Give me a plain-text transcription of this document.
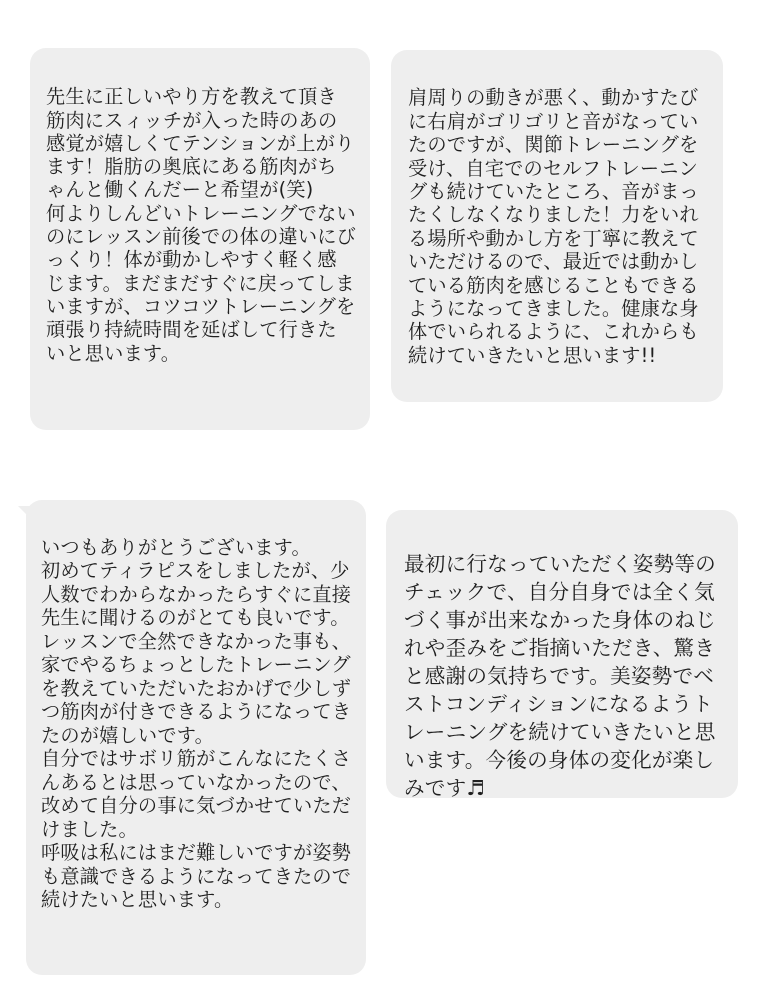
先生に正しいやり方を教えて頂き筋肉にスィッチが入った時のあの感覚が嬉しくてテンションが上がります！脂肪の奥底にある筋肉がちゃんと働くんだーと希望が(笑)
何よりしんどいトレーニングでないのにレッスン前後での体の違いにびっくり！体が動かしやすく軽く感じます。まだまだすぐに戻ってしまいますが、コツコツトレーニングを頑張り持続時間を延ばして行きたいと思います。

肩周りの動きが悪く、動かすたびに右肩がゴリゴリと音がなっていたのですが、関節トレーニングを受け、自宅でのセルフトレーニングも続けていたところ、音がまったくしなくなりました！力をいれる場所や動かし方を丁寧に教えていただけるので、最近では動かしている筋肉を感じることもできるようになってきました。健康な身体でいられるように、これからも続けていきたいと思います!!

いつもありがとうございます。
初めてティラピスをしましたが、少人数でわからなかったらすぐに直接先生に聞けるのがとても良いです。レッスンで全然できなかった事も、家でやるちょっとしたトレーニングを教えていただいたおかげで少しずつ筋肉が付きできるようになってきたのが嬉しいです。
自分ではサボリ筋がこんなにたくさんあるとは思っていなかったので、改めて自分の事に気づかせていただけました。
呼吸は私にはまだ難しいですが姿勢も意識できるようになってきたので続けたいと思います。

最初に行なっていただく姿勢等のチェックで、自分自身では全く気づく事が出来なかった身体のねじれや歪みをご指摘いただき、驚きと感謝の気持ちです。美姿勢でベストコンディションになるようトレーニングを続けていきたいと思います。今後の身体の変化が楽しみです♬
